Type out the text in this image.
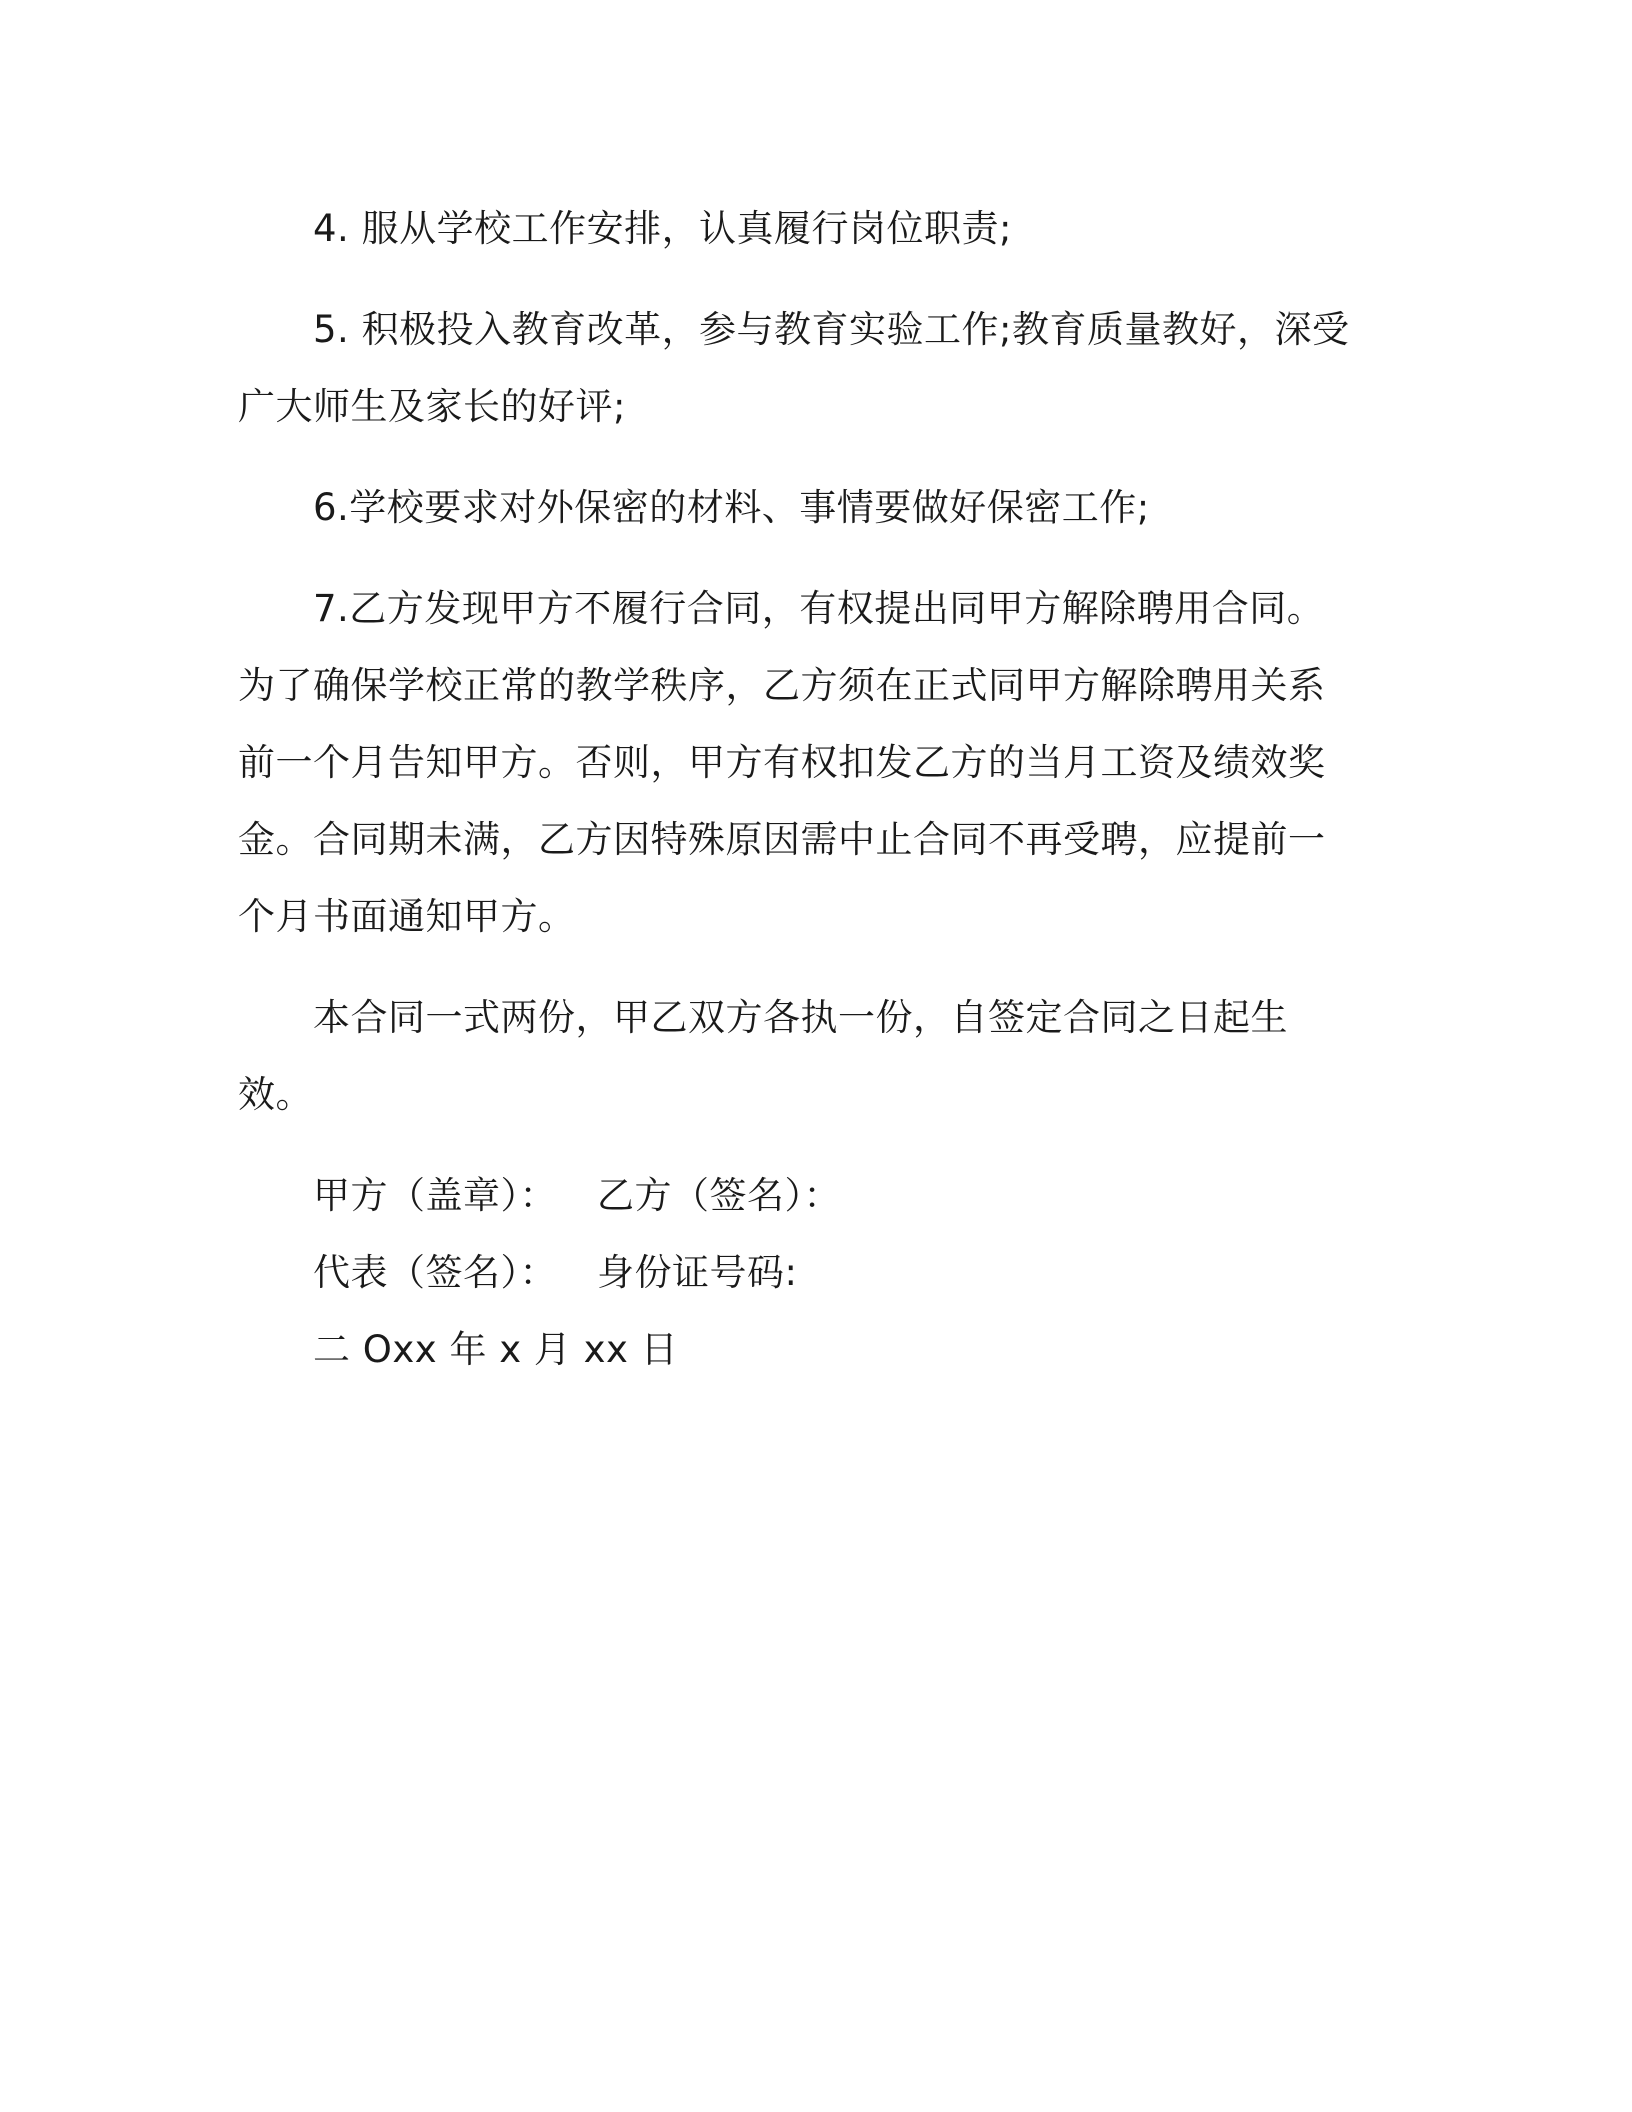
4. 服从学校工作安排，认真履行岗位职责;

5. 积极投入教育改革，参与教育实验工作;教育质量教好，深受广大师生及家长的好评;

6.学校要求对外保密的材料、事情要做好保密工作;

7.乙方发现甲方不履行合同，有权提出同甲方解除聘用合同。为了确保学校正常的教学秩序，乙方须在正式同甲方解除聘用关系前一个月告知甲方。否则，甲方有权扣发乙方的当月工资及绩效奖金。合同期未满，乙方因特殊原因需中止合同不再受聘，应提前一个月书面通知甲方。

本合同一式两份，甲乙双方各执一份，自签定合同之日起生效。

甲方（盖章）： 乙方（签名）：
代表（签名）： 身份证号码:
二 Oxx 年 x 月 xx 日
